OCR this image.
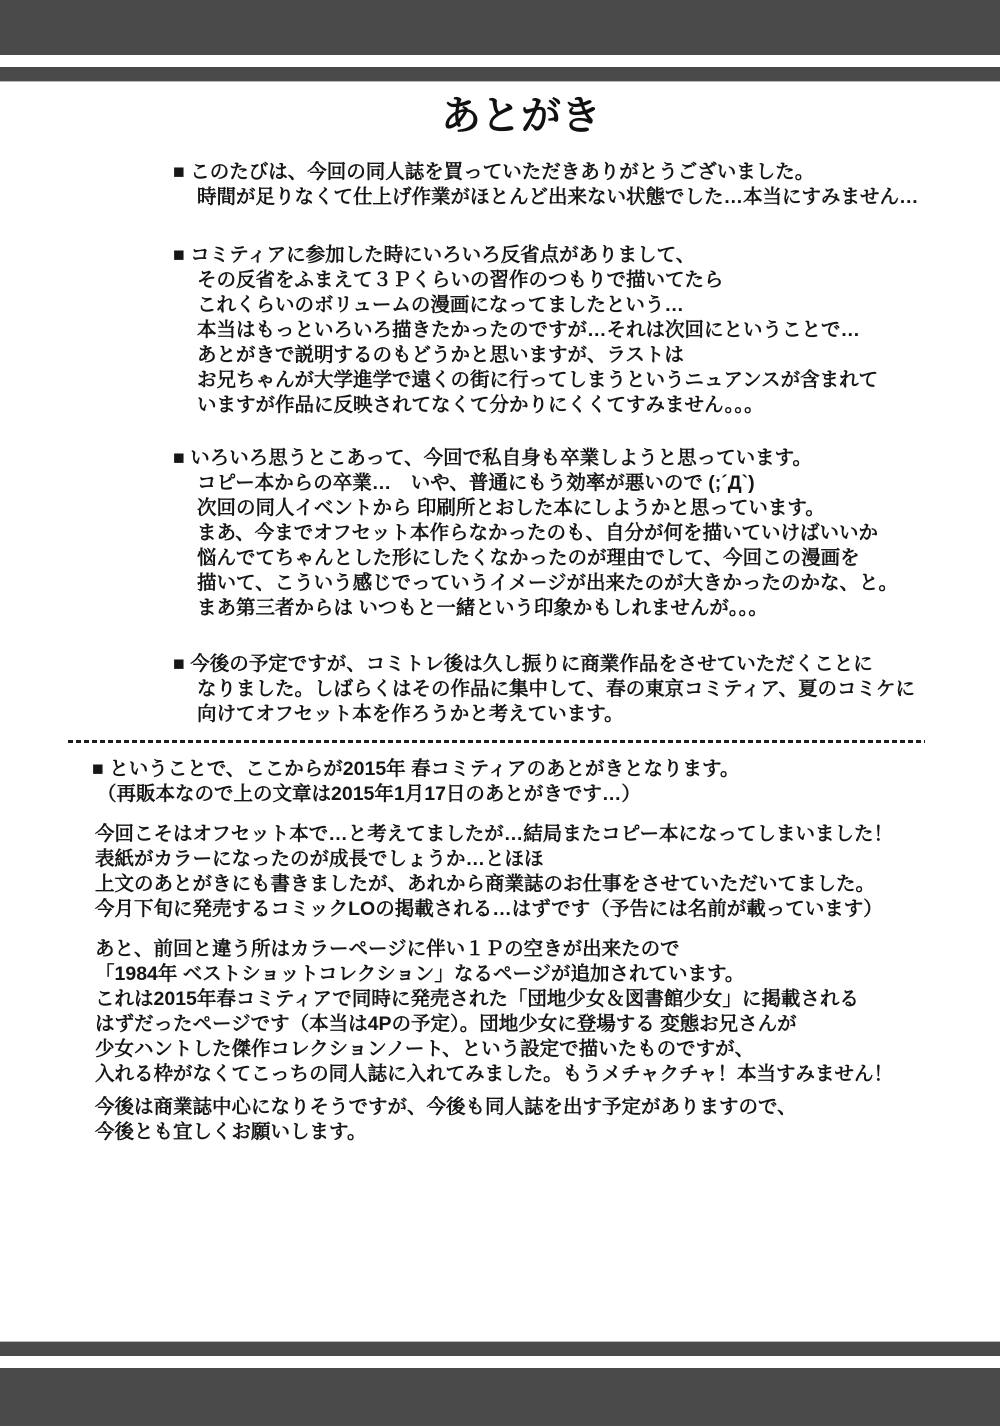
あとがき
■ このたびは、今回の同人誌を買っていただきありがとうございました。
時間が足りなくて仕上げ作業がほとんど出来ない状態でした…本当にすみません…
■ コミティアに参加した時にいろいろ反省点がありまして、
その反省をふまえて３Ｐくらいの習作のつもりで描いてたら
これくらいのボリュームの漫画になってましたという…
本当はもっといろいろ描きたかったのですが…それは次回にということで…
あとがきで説明するのもどうかと思いますが、ラストは
お兄ちゃんが大学進学で遠くの街に行ってしまうというニュアンスが含まれて
いますが作品に反映されてなくて分かりにくくてすみません。。。
■ いろいろ思うとこあって、今回で私自身も卒業しようと思っています。
コピー本からの卒業…　いや、普通にもう効率が悪いので (;´Д`)
次回の同人イベントから 印刷所とおした本にしようかと思っています。
まあ、今までオフセット本作らなかったのも、自分が何を描いていけばいいか
悩んでてちゃんとした形にしたくなかったのが理由でして、今回この漫画を
描いて、こういう感じでっていうイメージが出来たのが大きかったのかな、と。
まあ第三者からは いつもと一緒という印象かもしれませんが。。。
■ 今後の予定ですが、コミトレ後は久し振りに商業作品をさせていただくことに
なりました。しばらくはその作品に集中して、春の東京コミティア、夏のコミケに
向けてオフセット本を作ろうかと考えています。
■ ということで、ここからが2015年 春コミティアのあとがきとなります。
（再販本なので上の文章は2015年1月17日のあとがきです…）
今回こそはオフセット本で…と考えてましたが…結局またコピー本になってしまいました！
表紙がカラーになったのが成長でしょうか…とほほ
上文のあとがきにも書きましたが、あれから商業誌のお仕事をさせていただいてました。
今月下旬に発売するコミックLOの掲載される…はずです（予告には名前が載っています）
あと、前回と違う所はカラーページに伴い１Ｐの空きが出来たので
「1984年 ベストショットコレクション」なるページが追加されています。
これは2015年春コミティアで同時に発売された「団地少女＆図書館少女」に掲載される
はずだったページです（本当は4Pの予定）。団地少女に登場する 変態お兄さんが
少女ハントした傑作コレクションノート、という設定で描いたものですが、
入れる枠がなくてこっちの同人誌に入れてみました。もうメチャクチャ！本当すみません！
今後は商業誌中心になりそうですが、今後も同人誌を出す予定がありますので、
今後とも宜しくお願いします。
